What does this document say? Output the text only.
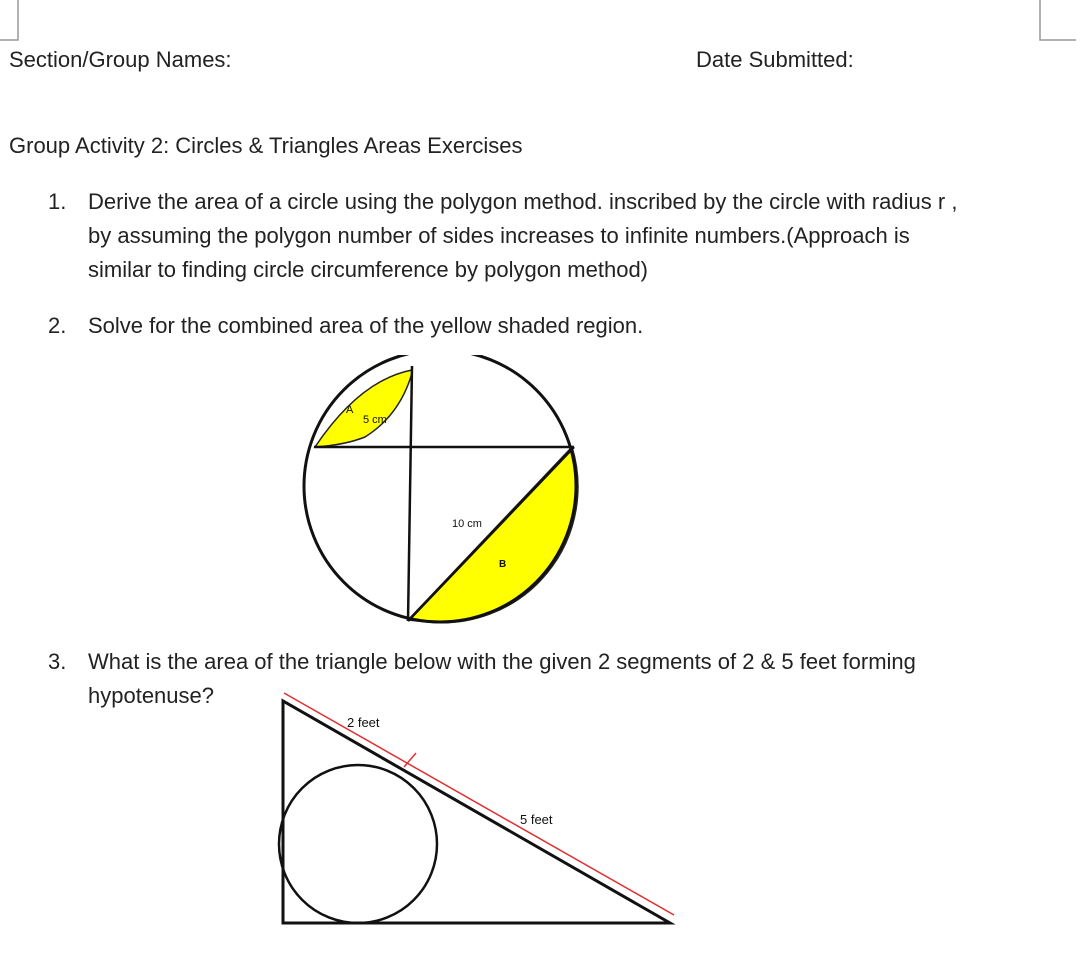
Section/Group Names:	Date Submitted:
Group Activity 2: Circles & Triangles Areas Exercises
1. Derive the area of a circle using the polygon method. inscribed by the circle with radius r ,
by assuming the polygon number of sides increases to infinite numbers.(Approach is
similar to finding circle circumference by polygon method)
2. Solve for the combined area of the yellow shaded region.
A
5 cm
10 cm
B
3. What is the area of the triangle below with the given 2 segments of 2 & 5 feet forming
hypotenuse?
2 feet
5 feet
